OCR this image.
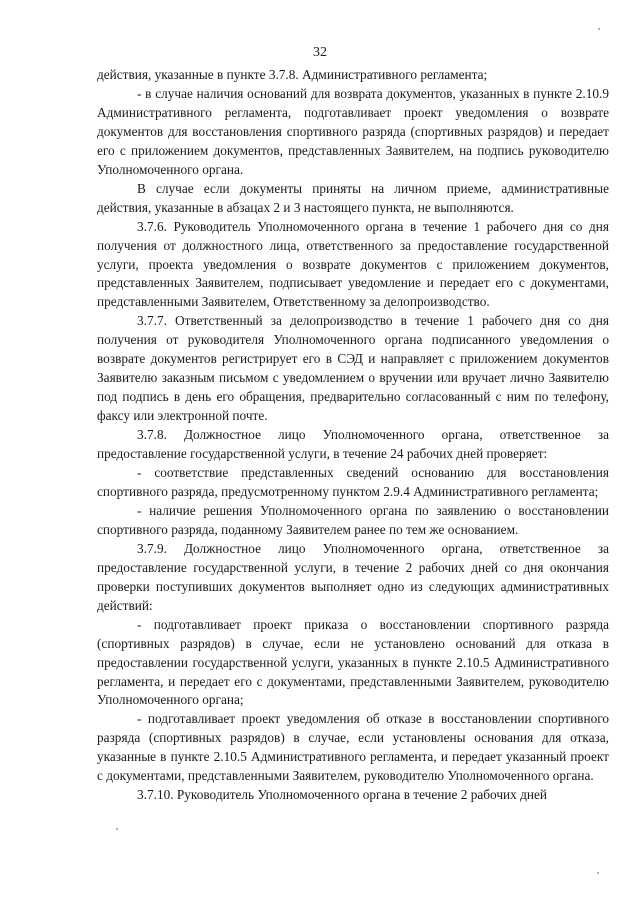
32

действия, указанные в пункте 3.7.8. Административного регламента;

- в случае наличия оснований для возврата документов, указанных в пункте 2.10.9 Административного регламента, подготавливает проект уведомления о возврате документов для восстановления спортивного разряда (спортивных разрядов) и передает его с приложением документов, представленных Заявителем, на подпись руководителю Уполномоченного органа.

В случае если документы приняты на личном приеме, административные действия, указанные в абзацах 2 и 3 настоящего пункта, не выполняются.

3.7.6. Руководитель Уполномоченного органа в течение 1 рабочего дня со дня получения от должностного лица, ответственного за предоставление государственной услуги, проекта уведомления о возврате документов с приложением документов, представленных Заявителем, подписывает уведомление и передает его с документами, представленными Заявителем, Ответственному за делопроизводство.

3.7.7. Ответственный за делопроизводство в течение 1 рабочего дня со дня получения от руководителя Уполномоченного органа подписанного уведомления о возврате документов регистрирует его в СЭД и направляет с приложением документов Заявителю заказным письмом с уведомлением о вручении или вручает лично Заявителю под подпись в день его обращения, предварительно согласованный с ним по телефону, факсу или электронной почте.

3.7.8. Должностное лицо Уполномоченного органа, ответственное за предоставление государственной услуги, в течение 24 рабочих дней проверяет:

- соответствие представленных сведений основанию для восстановления спортивного разряда, предусмотренному пунктом 2.9.4 Административного регламента;

- наличие решения Уполномоченного органа по заявлению о восстановлении спортивного разряда, поданному Заявителем ранее по тем же основанием.

3.7.9. Должностное лицо Уполномоченного органа, ответственное за предоставление государственной услуги, в течение 2 рабочих дней со дня окончания проверки поступивших документов выполняет одно из следующих административных действий:

- подготавливает проект приказа о восстановлении спортивного разряда (спортивных разрядов) в случае, если не установлено оснований для отказа в предоставлении государственной услуги, указанных в пункте 2.10.5 Административного регламента, и передает его с документами, представленными Заявителем, руководителю Уполномоченного органа;

- подготавливает проект уведомления об отказе в восстановлении спортивного разряда (спортивных разрядов) в случае, если установлены основания для отказа, указанные в пункте 2.10.5 Административного регламента, и передает указанный проект с документами, представленными Заявителем, руководителю Уполномоченного органа.

3.7.10. Руководитель Уполномоченного органа в течение 2 рабочих дней
